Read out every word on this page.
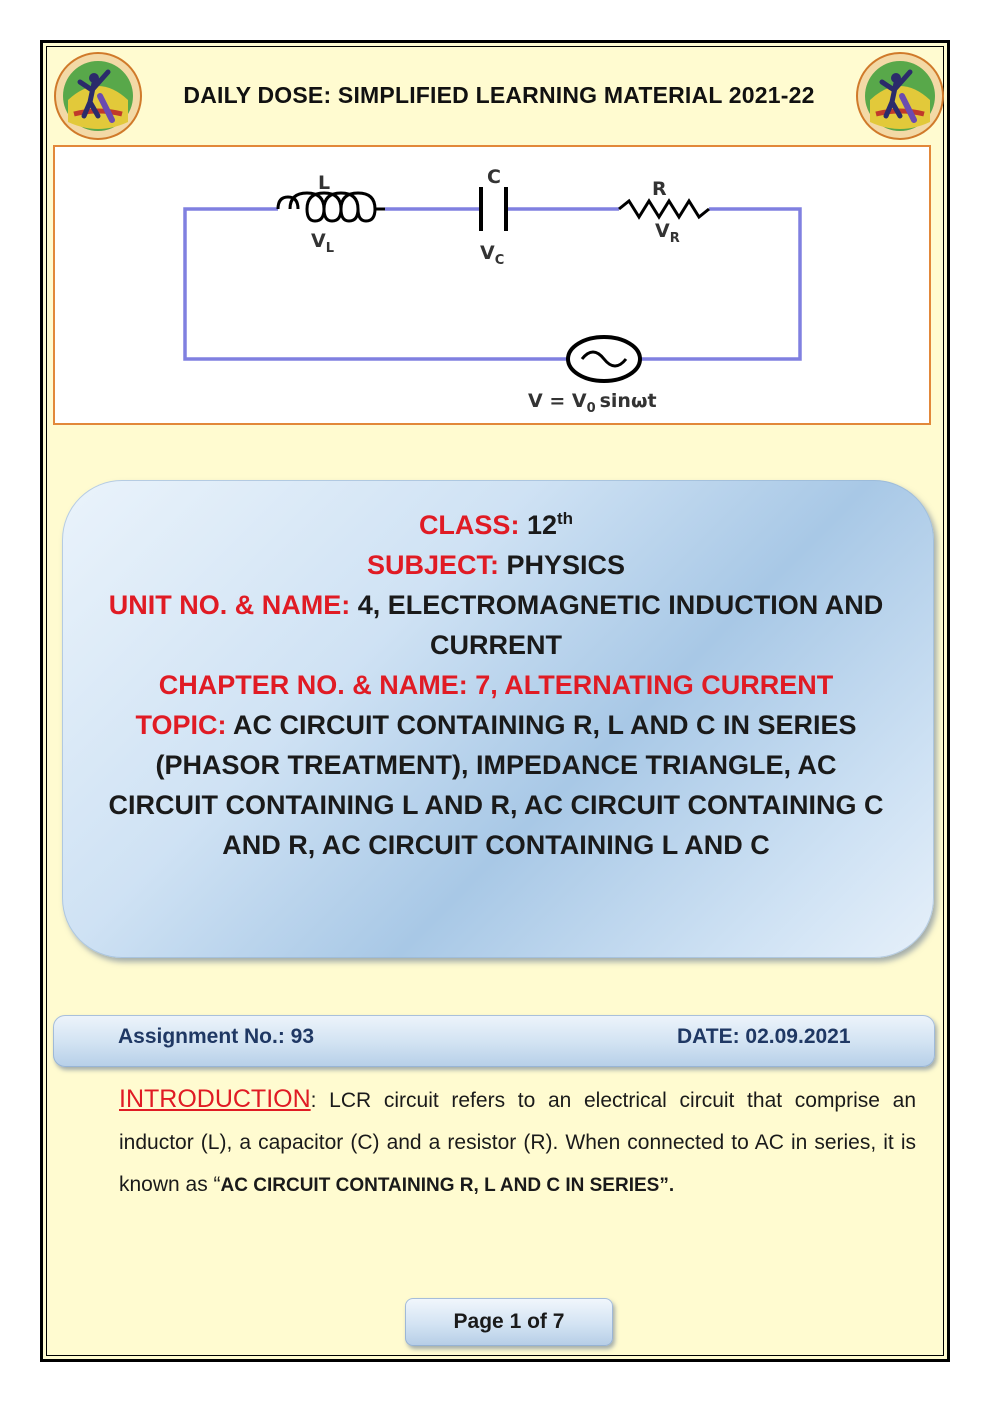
DAILY DOSE: SIMPLIFIED LEARNING MATERIAL 2021-22
L	C
R
$V_L$	$V_C$
$V_R$
$V = V_0$ sinωt
CLASS: 12th
SUBJECT: PHYSICS
UNIT NO. & NAME: 4, ELECTROMAGNETIC INDUCTION AND CURRENT
CHAPTER NO. & NAME: 7, ALTERNATING CURRENT
TOPIC: AC CIRCUIT CONTAINING R, L AND C IN SERIES (PHASOR TREATMENT), IMPEDANCE TRIANGLE, AC CIRCUIT CONTAINING L AND R, AC CIRCUIT CONTAINING C AND R, AC CIRCUIT CONTAINING L AND C
Assignment No.: 93	DATE: 02.09.2021
INTRODUCTION: LCR circuit refers to an electrical circuit that comprise an inductor (L), a capacitor (C) and a resistor (R). When connected to AC in series, it is known as “AC CIRCUIT CONTAINING R, L AND C IN SERIES”.
Page 1 of 7
